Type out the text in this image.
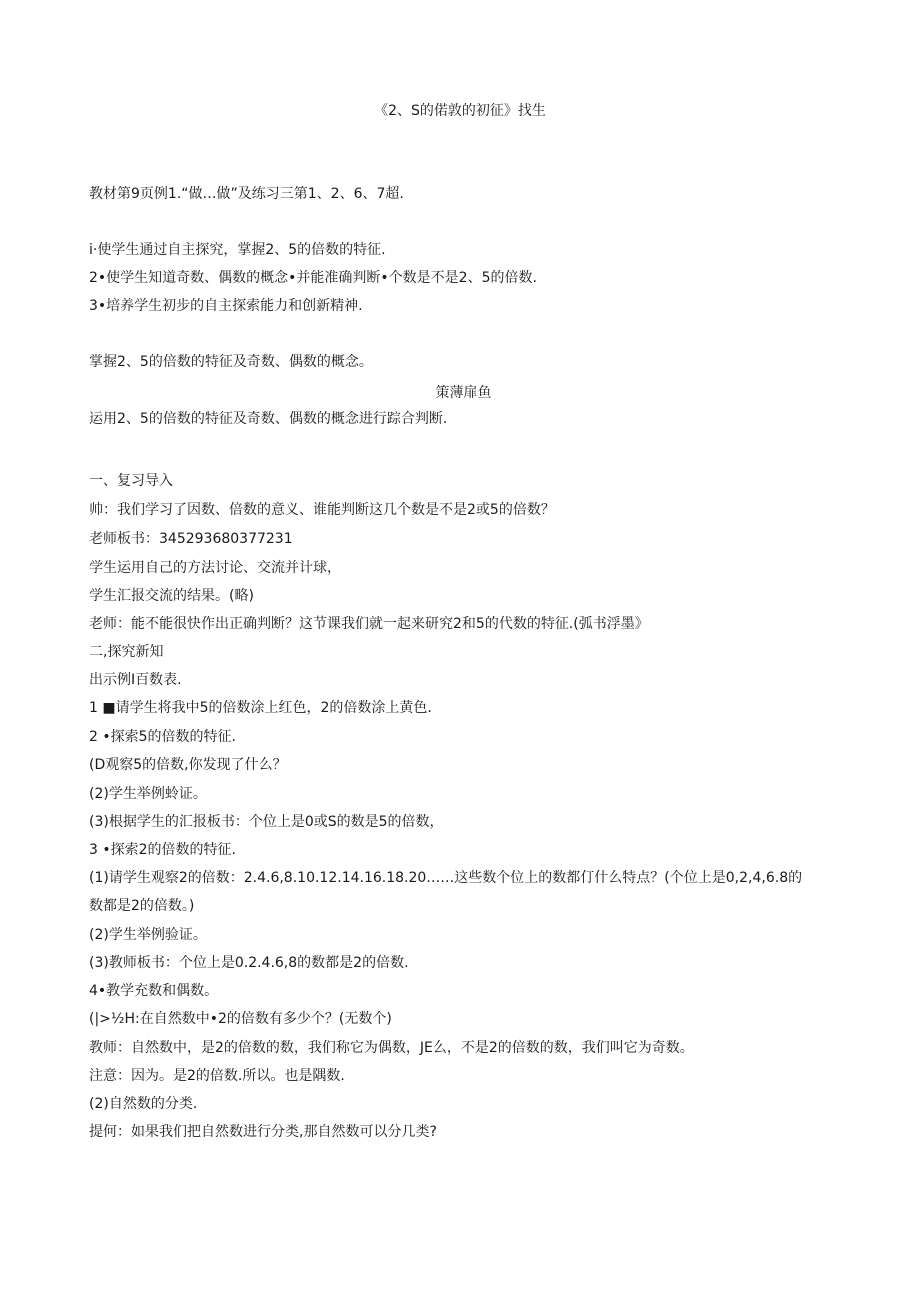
《2、S的偌敦的初征》找生
教材第9页例1.“做…做”及练习三第1、2、6、7超.
i·使学生通过自主探究，掌握2、5的倍数的特征.
2•使学生知道奇数、偶数的概念•并能准确判断•个数是不是2、5的倍数.
3•培养学生初步的自主探索能力和创新精神.
掌握2、5的倍数的特征及奇数、偶数的概念。
策薄扉鱼
运用2、5的倍数的特征及奇数、偶数的概念进行踪合判断.
一、复习导入
帅：我们学习了因数、倍数的意义、谁能判断这几个数是不是2或5的倍数？
老师板书：345293680377231
学生运用自己的方法讨论、交流并计球，
学生汇报交流的结果。(略)
老师：能不能很快作出正确判断？这节课我们就一起来研究2和5的代数的特征.(弧书浮墨》
二,探究新知
出示例I百数表.
1 ■请学生将我中5的倍数涂上红色，2的倍数涂上黄色.
2 •探索5的倍数的特征.
(D观察5的倍数,你发现了什么？
(2)学生举例蛉证。
(3)根据学生的汇报板书：个位上是0或S的数是5的倍数，
3 •探索2的倍数的特征.
(1)请学生观察2的倍数：2.4.6,8.10.12.14.16.18.20……这些数个位上的数都仃什么特点？(个位上是0,2,4,6.8的
数都是2的倍数。)
(2)学生举例验证。
(3)教师板书：个位上是0.2.4.6,8的数都是2的倍数.
4•教学充数和偶数。
(|>½H:在自然数中•2的倍数有多少个？(无数个)
教师：自然数中，是2的倍数的数，我们称它为偶数，JE么，不是2的倍数的数，我们叫它为奇数。
注意：因为。是2的倍数.所以。也是隅数.
(2)自然数的分类.
提何：如果我们把自然数进行分类,那自然数可以分几类?
